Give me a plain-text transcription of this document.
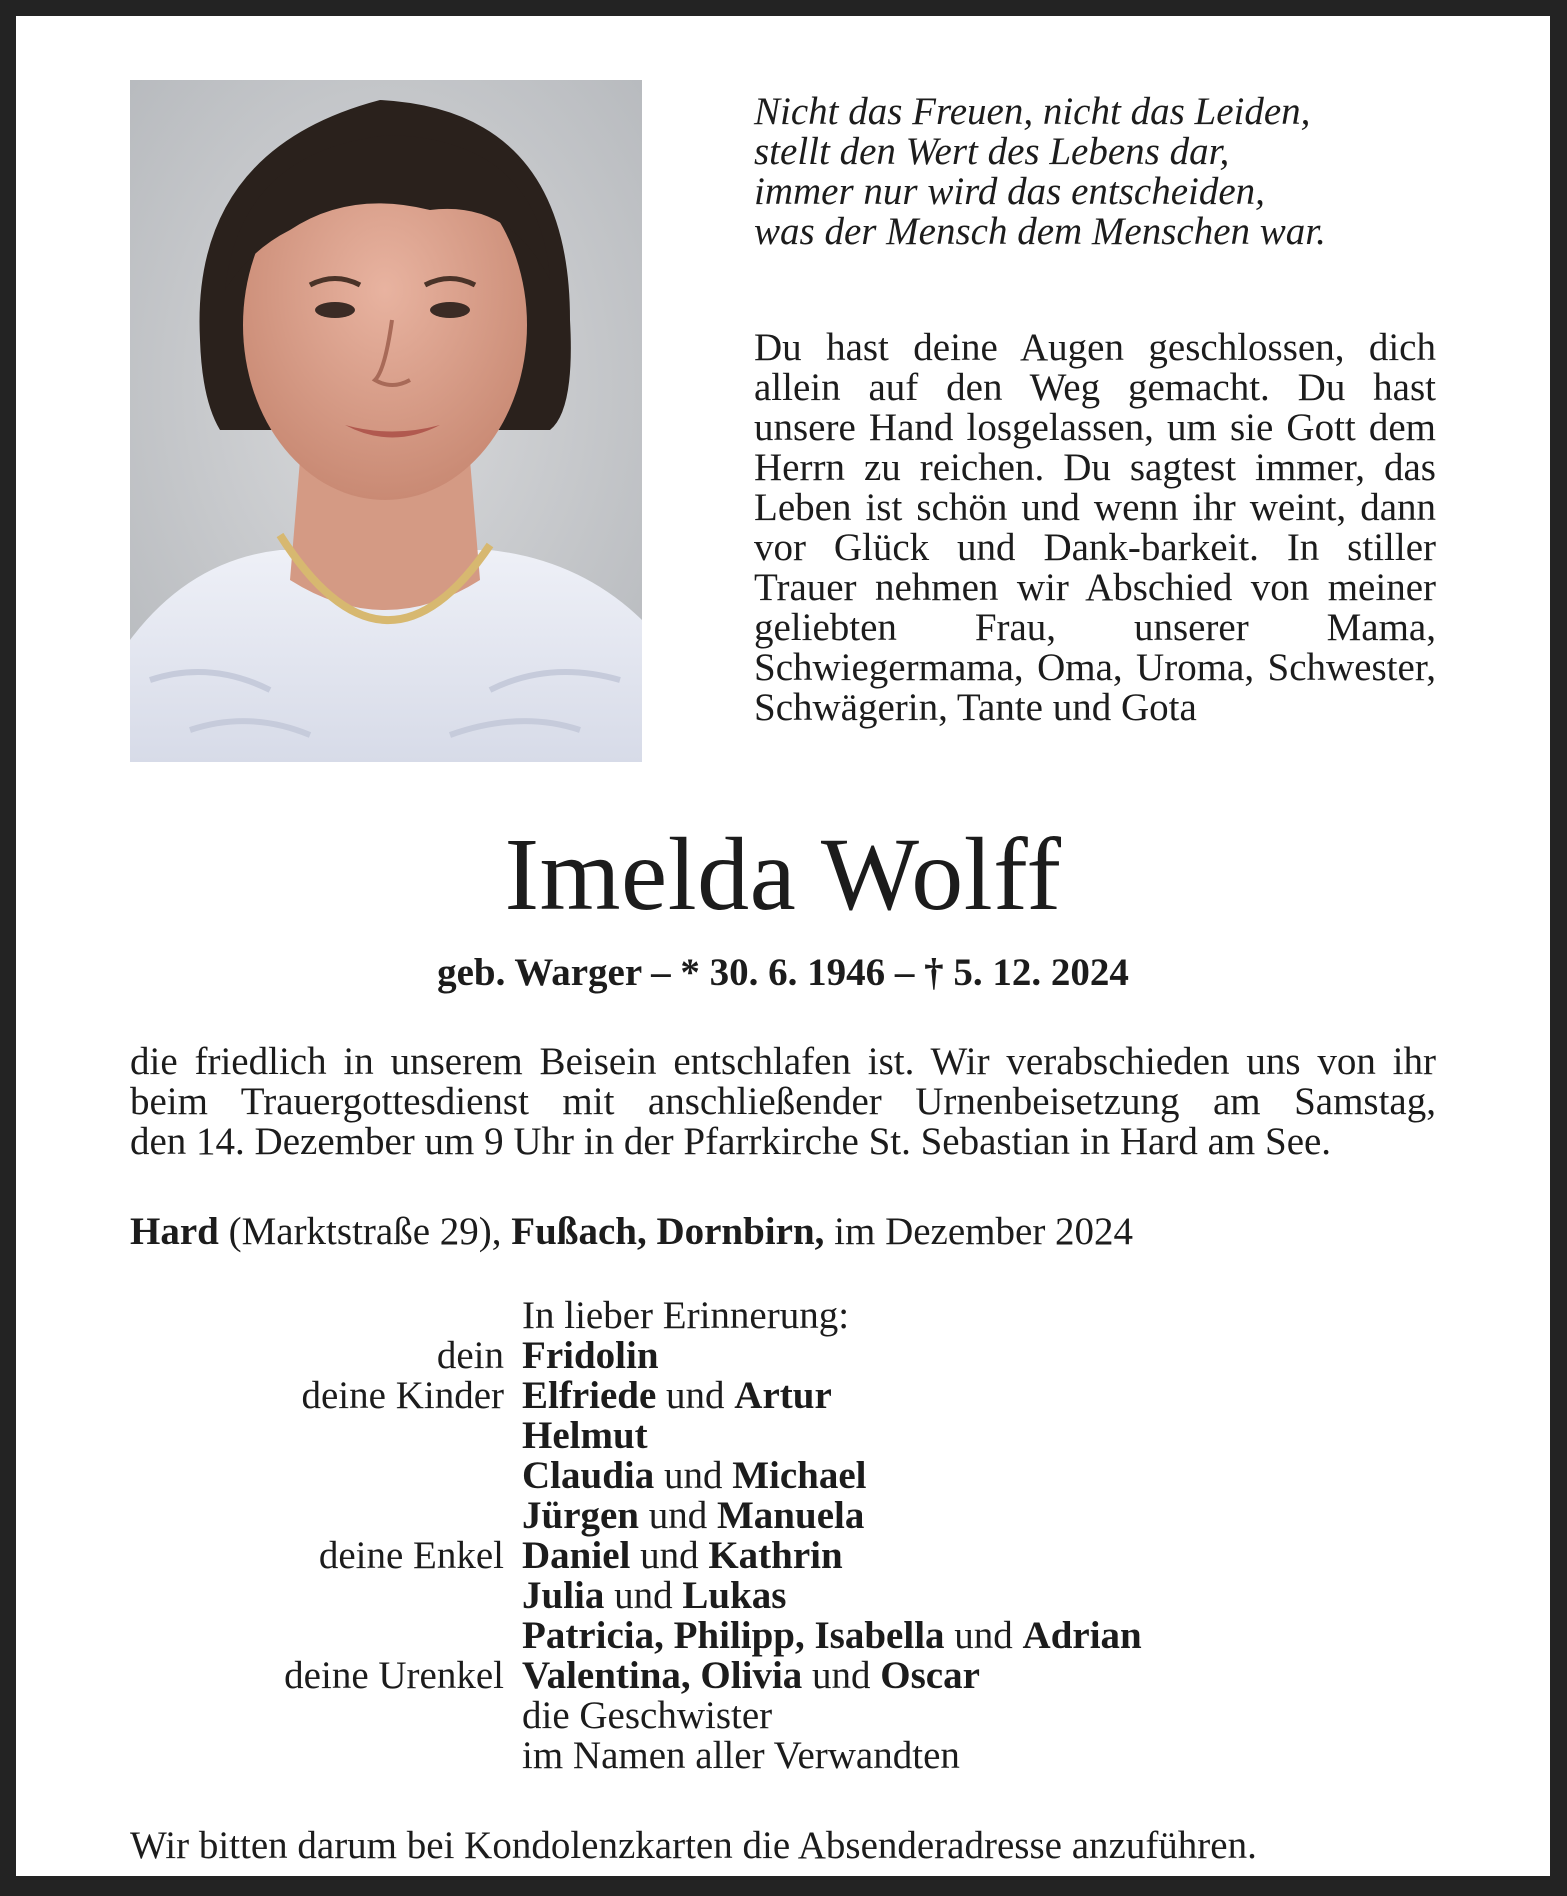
Nicht das Freuen, nicht das Leiden,
stellt den Wert des Lebens dar,
immer nur wird das entscheiden,
was der Mensch dem Menschen war.
Du hast deine Augen geschlossen, dich allein auf den Weg gemacht. Du hast unsere Hand losgelassen, um sie Gott dem Herrn zu reichen. Du sagtest immer, das Leben ist schön und wenn ihr weint, dann vor Glück und Dank-barkeit. In stiller Trauer nehmen wir Abschied von meiner geliebten Frau, unserer Mama, Schwiegermama, Oma, Uroma, Schwester, Schwägerin, Tante und Gota
Imelda Wolff
geb. Warger – * 30. 6. 1946 – † 5. 12. 2024
die friedlich in unserem Beisein entschlafen ist. Wir verabschieden uns von ihr
beim Trauergottesdienst mit anschließender Urnenbeisetzung am Samstag,
den 14. Dezember um 9 Uhr in der Pfarrkirche St. Sebastian in Hard am See.
Hard (Marktstraße 29), Fußach, Dornbirn, im Dezember 2024
In lieber Erinnerung:
dein Fridolin
deine Kinder Elfriede und Artur
Helmut
Claudia und Michael
Jürgen und Manuela
deine Enkel Daniel und Kathrin
Julia und Lukas
Patricia, Philipp, Isabella und Adrian
deine Urenkel Valentina, Olivia und Oscar
die Geschwister
im Namen aller Verwandten
Wir bitten darum bei Kondolenzkarten die Absenderadresse anzuführen.
